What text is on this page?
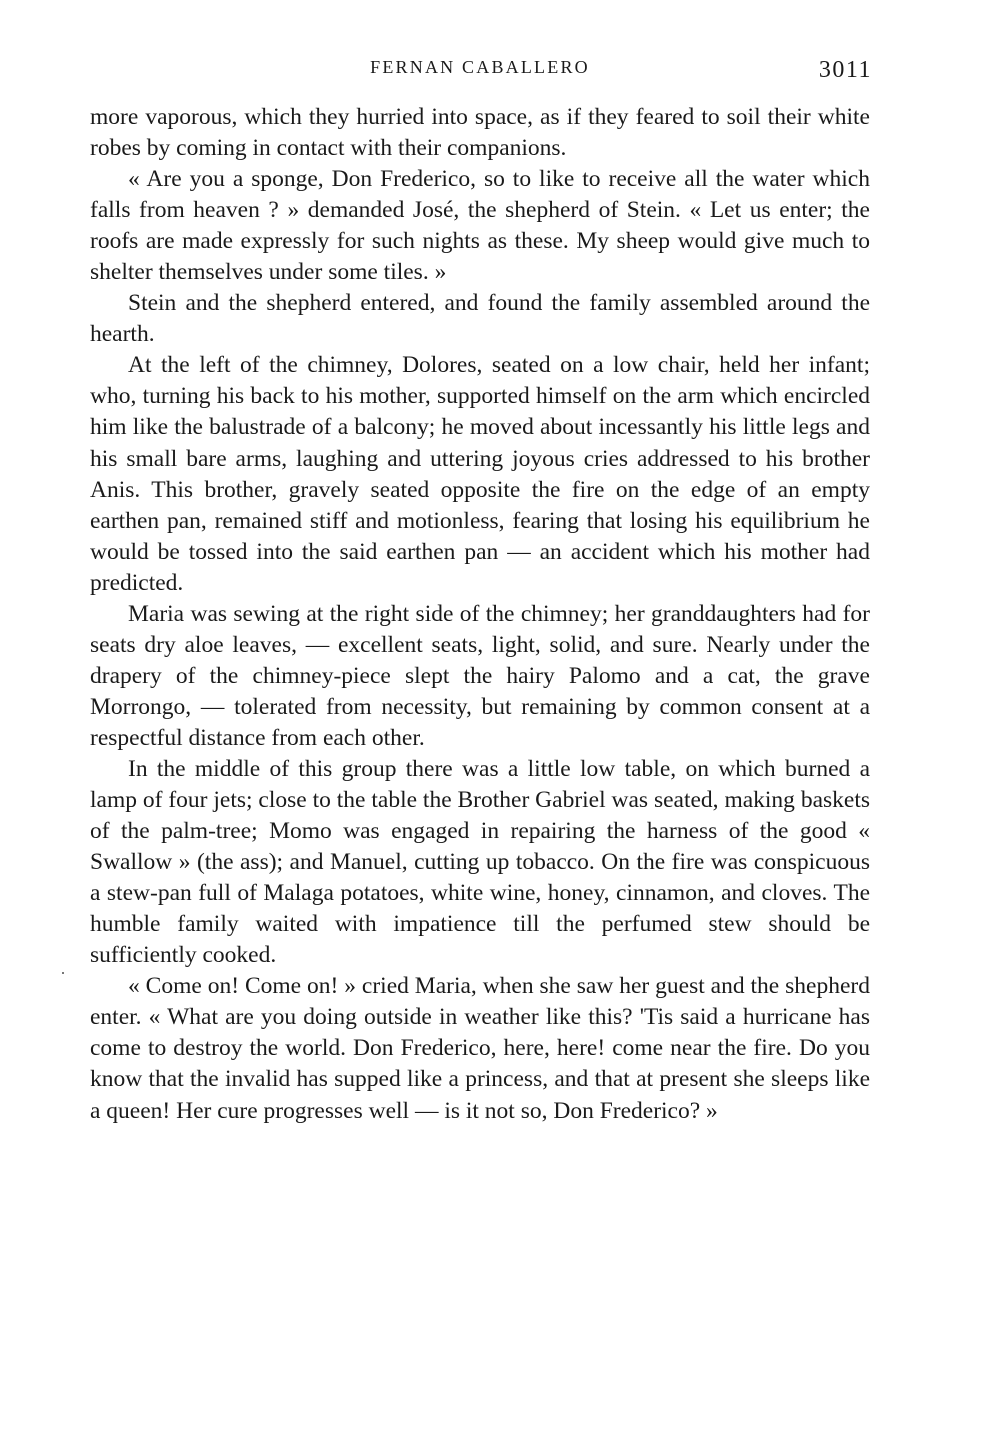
FERNAN CABALLERO	3011

more vaporous, which they hurried into space, as if they feared to soil their white robes by coming in contact with their companions.

« Are you a sponge, Don Frederico, so to like to receive all the water which falls from heaven ? » demanded José, the shepherd of Stein. « Let us enter; the roofs are made expressly for such nights as these. My sheep would give much to shelter themselves under some tiles. »

Stein and the shepherd entered, and found the family assembled around the hearth.

At the left of the chimney, Dolores, seated on a low chair, held her infant; who, turning his back to his mother, supported himself on the arm which encircled him like the balustrade of a balcony; he moved about incessantly his little legs and his small bare arms, laughing and uttering joyous cries addressed to his brother Anis. This brother, gravely seated opposite the fire on the edge of an empty earthen pan, remained stiff and motionless, fearing that losing his equilibrium he would be tossed into the said earthen pan — an accident which his mother had predicted.

Maria was sewing at the right side of the chimney; her granddaughters had for seats dry aloe leaves, — excellent seats, light, solid, and sure. Nearly under the drapery of the chimney-piece slept the hairy Palomo and a cat, the grave Morrongo, — tolerated from necessity, but remaining by common consent at a respectful distance from each other.

In the middle of this group there was a little low table, on which burned a lamp of four jets; close to the table the Brother Gabriel was seated, making baskets of the palm-tree; Momo was engaged in repairing the harness of the good « Swallow » (the ass); and Manuel, cutting up tobacco. On the fire was conspicuous a stew-pan full of Malaga potatoes, white wine, honey, cinnamon, and cloves. The humble family waited with impatience till the perfumed stew should be sufficiently cooked.

« Come on! Come on! » cried Maria, when she saw her guest and the shepherd enter. « What are you doing outside in weather like this? 'Tis said a hurricane has come to destroy the world. Don Frederico, here, here! come near the fire. Do you know that the invalid has supped like a princess, and that at present she sleeps like a queen! Her cure progresses well — is it not so, Don Frederico? »
